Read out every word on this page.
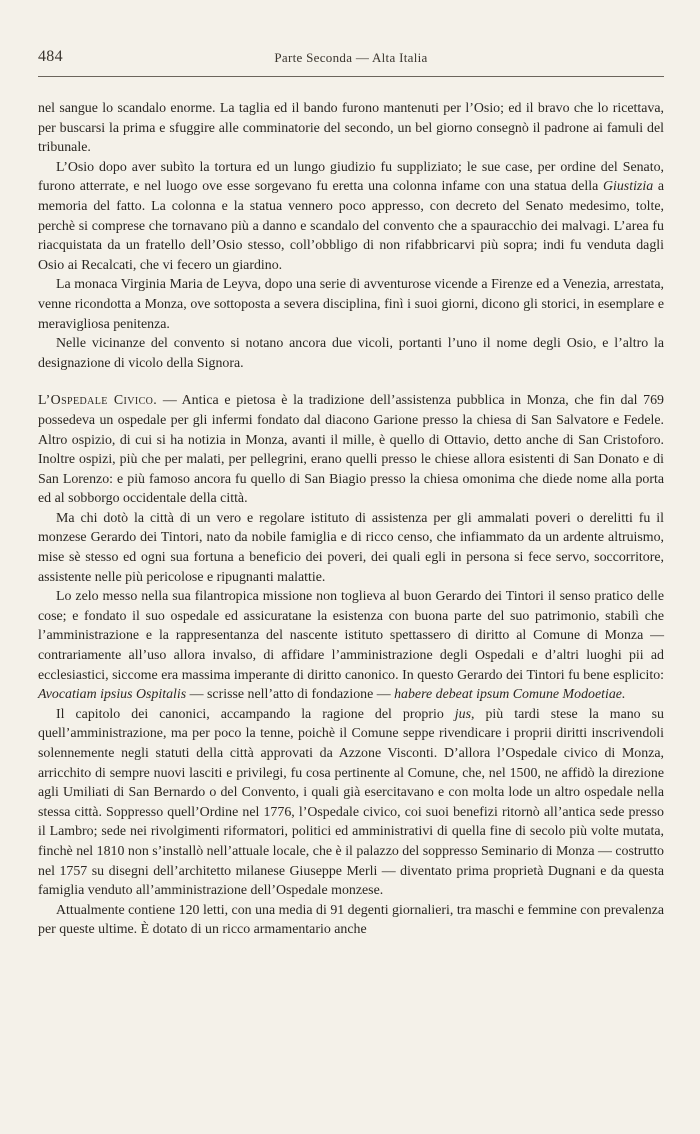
484	Parte Seconda — Alta Italia

nel sangue lo scandalo enorme. La taglia ed il bando furono mantenuti per l’Osio; ed il bravo che lo ricettava, per buscarsi la prima e sfuggire alle comminatorie del secondo, un bel giorno consegnò il padrone ai famuli del tribunale.

L’Osio dopo aver subìto la tortura ed un lungo giudizio fu suppliziato; le sue case, per ordine del Senato, furono atterrate, e nel luogo ove esse sorgevano fu eretta una colonna infame con una statua della Giustizia a memoria del fatto. La colonna e la statua vennero poco appresso, con decreto del Senato medesimo, tolte, perchè si comprese che tornavano più a danno e scandalo del convento che a spauracchio dei malvagi. L’area fu riacquistata da un fratello dell’Osio stesso, coll’obbligo di non rifabbricarvi più sopra; indi fu venduta dagli Osio ai Recalcati, che vi fecero un giardino.

La monaca Virginia Maria de Leyva, dopo una serie di avventurose vicende a Firenze ed a Venezia, arrestata, venne ricondotta a Monza, ove sottoposta a severa disciplina, finì i suoi giorni, dicono gli storici, in esemplare e meravigliosa penitenza.

Nelle vicinanze del convento si notano ancora due vicoli, portanti l’uno il nome degli Osio, e l’altro la designazione di vicolo della Signora.

L’Ospedale Civico. — Antica e pietosa è la tradizione dell’assistenza pubblica in Monza, che fin dal 769 possedeva un ospedale per gli infermi fondato dal diacono Garione presso la chiesa di San Salvatore e Fedele. Altro ospizio, di cui si ha notizia in Monza, avanti il mille, è quello di Ottavio, detto anche di San Cristoforo. Inoltre ospizi, più che per malati, per pellegrini, erano quelli presso le chiese allora esistenti di San Donato e di San Lorenzo: e più famoso ancora fu quello di San Biagio presso la chiesa omonima che diede nome alla porta ed al sobborgo occidentale della città.

Ma chi dotò la città di un vero e regolare istituto di assistenza per gli ammalati poveri o derelitti fu il monzese Gerardo dei Tintori, nato da nobile famiglia e di ricco censo, che infiammato da un ardente altruismo, mise sè stesso ed ogni sua fortuna a beneficio dei poveri, dei quali egli in persona si fece servo, soccorritore, assistente nelle più pericolose e ripugnanti malattie.

Lo zelo messo nella sua filantropica missione non toglieva al buon Gerardo dei Tintori il senso pratico delle cose; e fondato il suo ospedale ed assicuratane la esistenza con buona parte del suo patrimonio, stabilì che l’amministrazione e la rappresentanza del nascente istituto spettassero di diritto al Comune di Monza — contrariamente all’uso allora invalso, di affidare l’amministrazione degli Ospedali e d’altri luoghi pii ad ecclesiastici, siccome era massima imperante di diritto canonico. In questo Gerardo dei Tintori fu bene esplicito: Avocatiam ipsius Ospitalis — scrisse nell’atto di fondazione — habere debeat ipsum Comune Modoetiae.

Il capitolo dei canonici, accampando la ragione del proprio jus, più tardi stese la mano su quell’amministrazione, ma per poco la tenne, poichè il Comune seppe rivendicare i proprii diritti inscrivendoli solennemente negli statuti della città approvati da Azzone Visconti. D’allora l’Ospedale civico di Monza, arricchito di sempre nuovi lasciti e privilegi, fu cosa pertinente al Comune, che, nel 1500, ne affidò la direzione agli Umiliati di San Bernardo o del Convento, i quali già esercitavano e con molta lode un altro ospedale nella stessa città. Soppresso quell’Ordine nel 1776, l’Ospedale civico, coi suoi benefizi ritornò all’antica sede presso il Lambro; sede nei rivolgimenti riformatori, politici ed amministrativi di quella fine di secolo più volte mutata, finchè nel 1810 non s’installò nell’attuale locale, che è il palazzo del soppresso Seminario di Monza — costrutto nel 1757 su disegni dell’architetto milanese Giuseppe Merli — diventato prima proprietà Dugnani e da questa famiglia venduto all’amministrazione dell’Ospedale monzese.

Attualmente contiene 120 letti, con una media di 91 degenti giornalieri, tra maschi e femmine con prevalenza per queste ultime. È dotato di un ricco armamentario anche
